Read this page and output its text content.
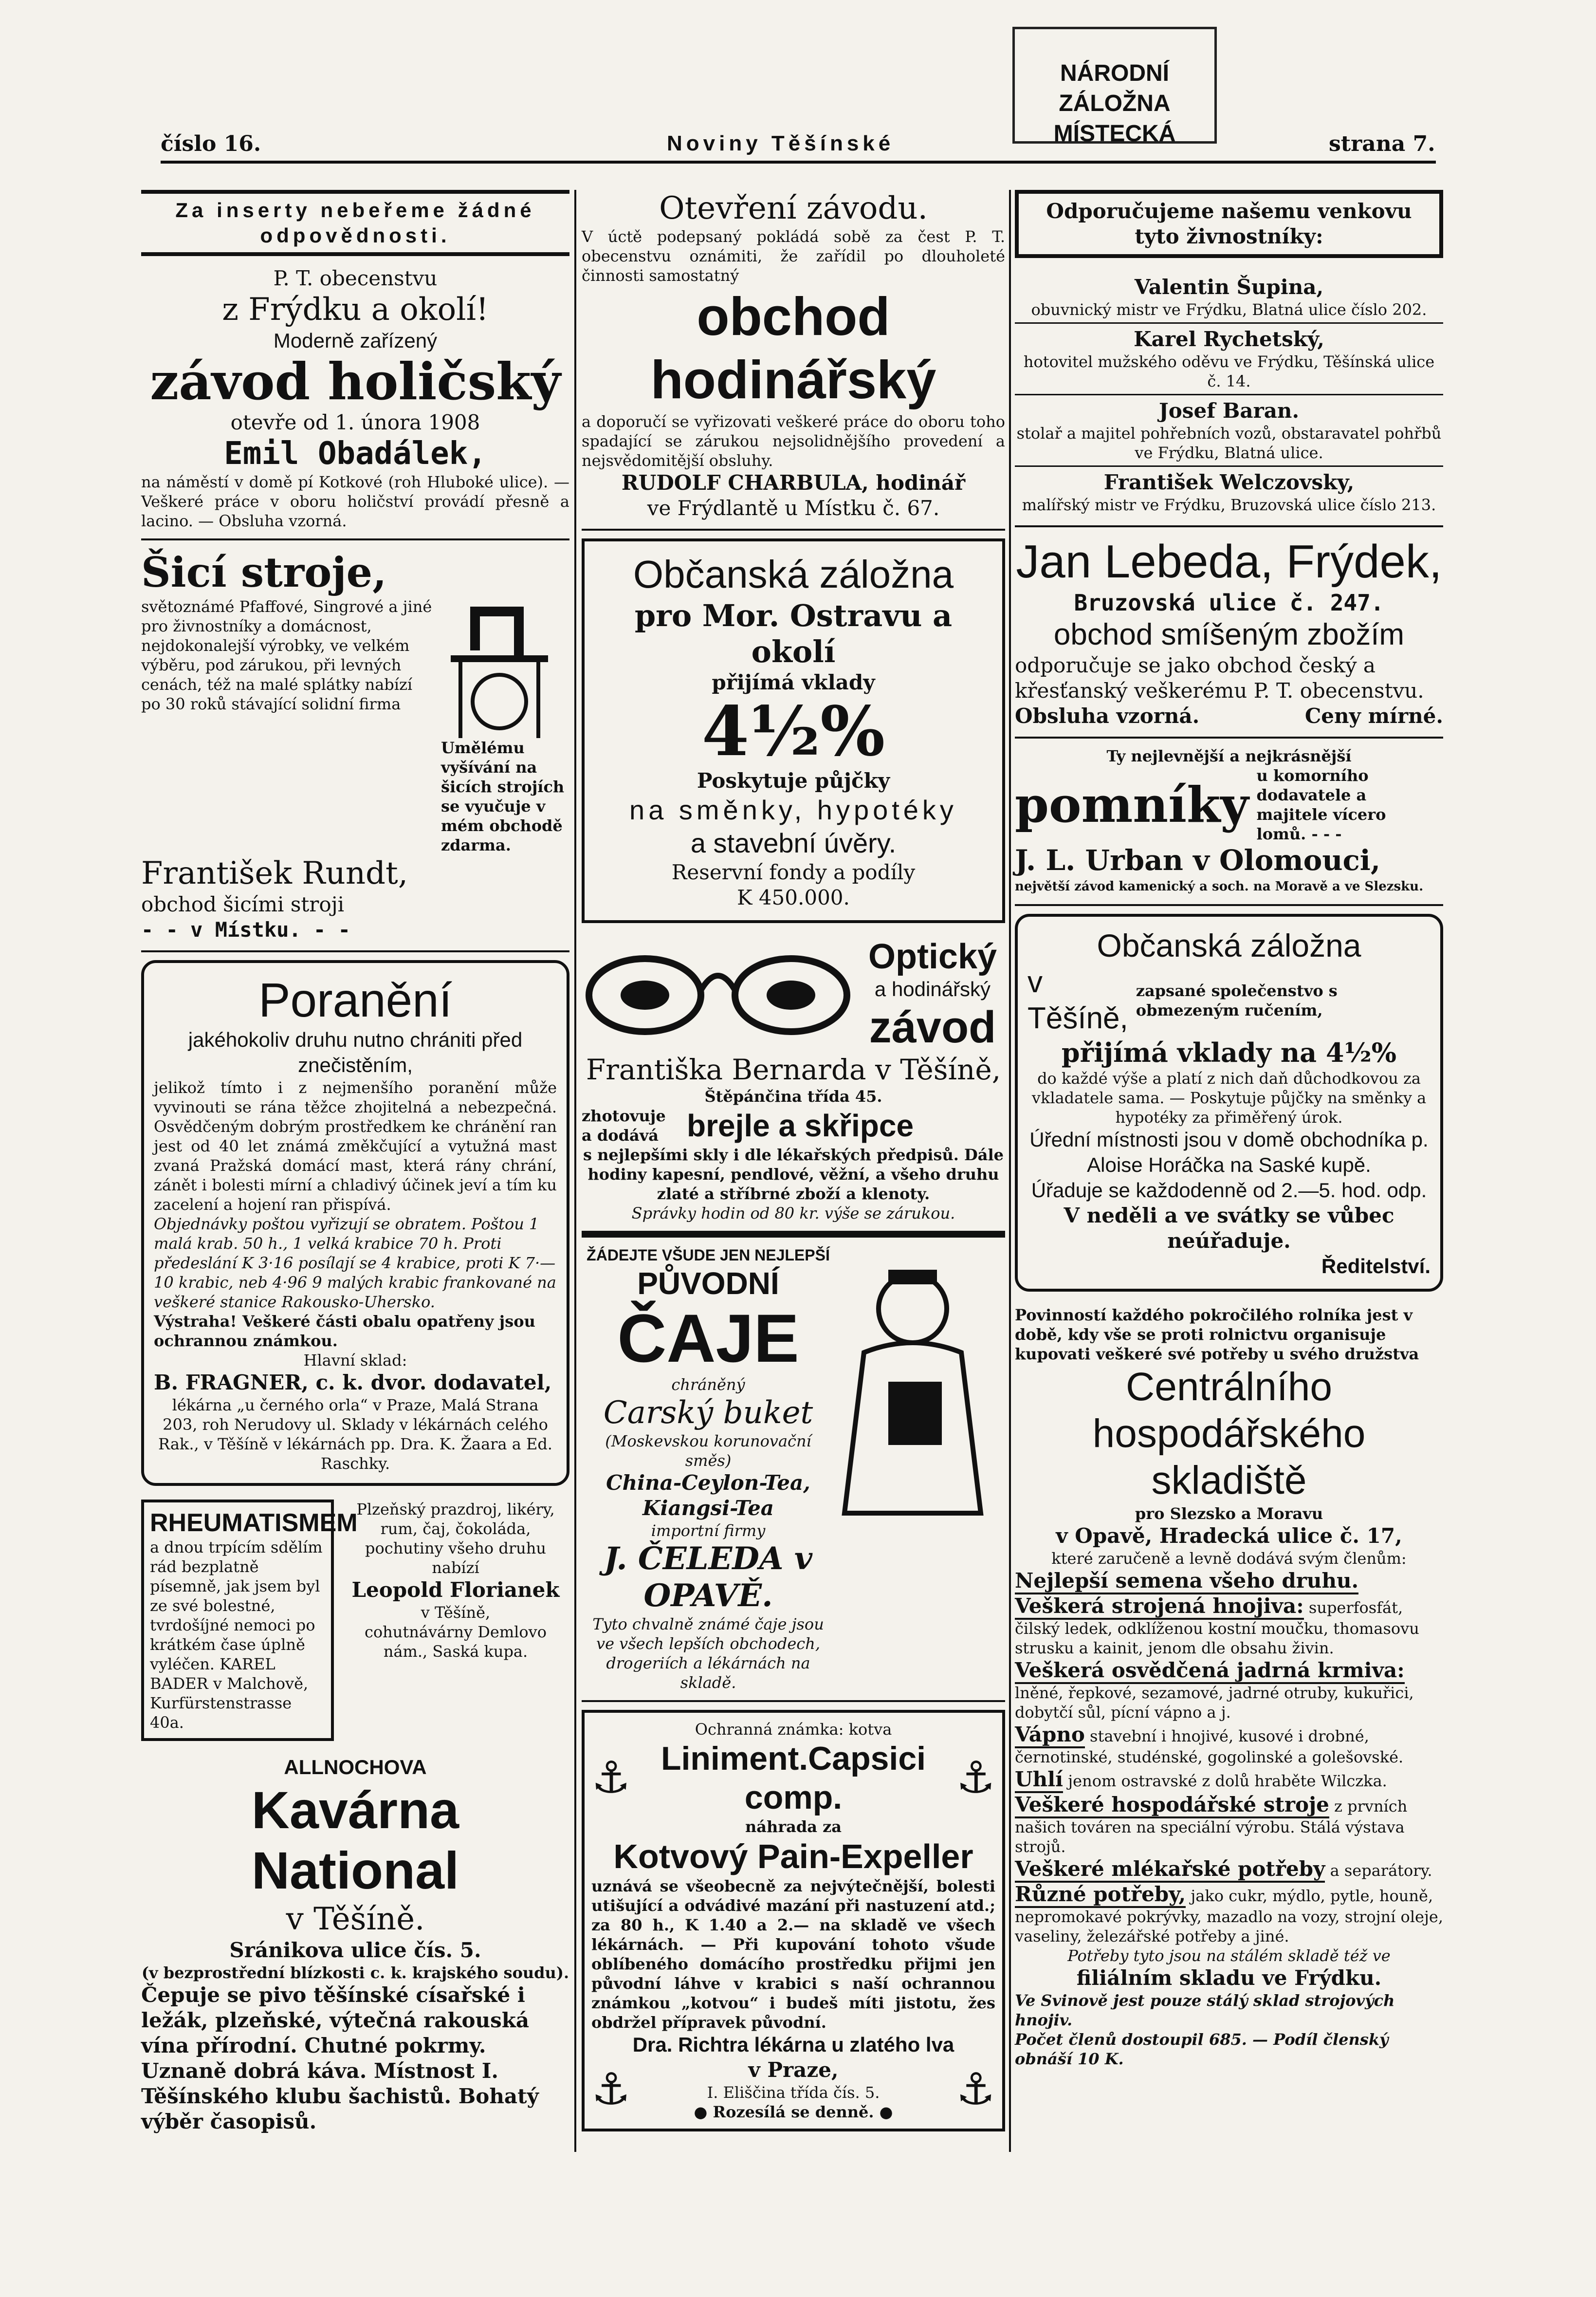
NÁRODNÍ ZÁLOŽNA
MÍSTECKÁ
číslo 16.	Noviny Těšínské	strana 7.
Za inserty nebeřeme žádné odpovědnosti.
P. T. obecenstvu
z Frýdku a okolí!
Moderně zařízený
závod holičský
otevře od 1. února 1908
Emil Obadálek,
na náměstí v domě pí Kotkové (roh Hluboké ulice). — Veškeré práce v oboru holičství provádí přesně a lacino. — Obsluha vzorná.
Šicí stroje,
světoznámé Pfaffové, Singrové a jiné pro živnostníky a domácnost, nejdokonalejší výrobky, ve velkém výběru, pod zárukou, při levných cenách, též na malé splátky nabízí po 30 roků stávající solidní firma
Umělému vyšívání na šicích strojích se vyučuje v mém obchodě zdarma.
František Rundt,
obchod šicími stroji
- - v Místku. - -
Poranění
jakéhokoliv druhu nutno chrániti před znečistěním,
jelikož tímto i z nejmenšího poranění může vyvinouti se rána těžce zhojitelná a nebezpečná. Osvědčeným dobrým prostředkem ke chránění ran jest od 40 let známá změkčující a vytužná mast zvaná Pražská domácí mast, která rány chrání, zánět i bolesti mírní a chladivý účinek jeví a tím ku zacelení a hojení ran přispívá.
Objednávky poštou vyřizují se obratem. Poštou 1 malá krab. 50 h., 1 velká krabice 70 h. Proti předeslání K 3·16 posílají se 4 krabice, proti K 7·— 10 krabic, neb 4·96 9 malých krabic frankované na veškeré stanice Rakousko-Uhersko.
Výstraha! Veškeré části obalu opatřeny jsou ochrannou známkou.
Hlavní sklad:
B. FRAGNER, c. k. dvor. dodavatel,
lékárna „u černého orla“ v Praze, Malá Strana 203, roh Nerudovy ul. Sklady v lékárnách celého Rak., v Těšíně v lékárnách pp. Dra. K. Žaara a Ed. Raschky.
RHEUMATISMEM
a dnou trpícím sdělím rád bezplatně písemně, jak jsem byl ze své bolestné, tvrdošíjné nemoci po krátkém čase úplně vyléčen. KAREL BADER v Malchově, Kurfürstenstrasse 40a.
Plzeňský prazdroj, likéry, rum, čaj, čokoláda, pochutiny všeho druhu nabízí
Leopold Florianek
v Těšíně,
cohutnávárny Demlovo nám., Saská kupa.
ALLNOCHOVA
Kavárna National
v Těšíně.
Sránikova ulice čís. 5.
(v bezprostřední blízkosti c. k. krajského soudu).
Čepuje se pivo těšínské císařské i ležák, plzeňské, výtečná rakouská vína přírodní. Chutné pokrmy. Uznaně dobrá káva. Místnost I. Těšínského klubu šachistů. Bohatý výběr časopisů.
Otevření závodu.
V úctě podepsaný pokládá sobě za čest P. T. obecenstvu oznámiti, že zařídil po dlouholeté činnosti samostatný
obchod hodinářský
a doporučí se vyřizovati veškeré práce do oboru toho spadající se zárukou nejsolidnějšího provedení a nejsvědomitější obsluhy.
RUDOLF CHARBULA, hodinář
ve Frýdlantě u Místku č. 67.
Občanská záložna
pro Mor. Ostravu a okolí
přijímá vklady
4½%
Poskytuje půjčky
na směnky, hypotéky
a stavební úvěry.
Reservní fondy a podíly
K 450.000.
Optický
a hodinářský
závod
Františka Bernarda v Těšíně,
Štěpánčina třída 45.
zhotovuje a dodává brejle a skřipce
s nejlepšími skly i dle lékařských předpisů. Dále hodiny kapesní, pendlové, věžní, a všeho druhu zlaté a stříbrné zboží a klenoty.
Správky hodin od 80 kr. výše se zárukou.
ŽÁDEJTE VŠUDE JEN NEJLEPŠÍ
PŮVODNÍ
ČAJE
chráněný
Carský buket
(Moskevskou korunovační směs)
China-Ceylon-Tea, Kiangsi-Tea
importní firmy
J. ČELEDA v OPAVĚ.
Tyto chvalně známé čaje jsou ve všech lepších obchodech, drogeriích a lékárnách na skladě.
⚓
Ochranná známka: kotva
Liniment.Capsici comp.
náhrada za
⚓
Kotvový Pain-Expeller
uznává se všeobecně za nejvýtečnější, bolesti utišující a odvádivé mazání při nastuzení atd.; za 80 h., K 1.40 a 2.— na skladě ve všech lékárnách. — Při kupování tohoto všude oblíbeného domácího prostředku přijmi jen původní láhve v krabici s naší ochrannou známkou „kotvou“ i budeš míti jistotu, žes obdržel přípravek původní.
Dra. Richtra lékárna u zlatého lva
⚓	v Praze,
I. Eliščina třída čís. 5.
● Rozesílá se denně. ● ⚓
Odporučujeme našemu venkovu tyto živnostníky:
Valentin Šupina,
obuvnický mistr ve Frýdku, Blatná ulice číslo 202.
Karel Rychetský,
hotovitel mužského oděvu ve Frýdku, Těšínská ulice č. 14.
Josef Baran.
stolař a majitel pohřebních vozů, obstaravatel pohřbů ve Frýdku, Blatná ulice.
František Welczovsky,
malířský mistr ve Frýdku, Bruzovská ulice číslo 213.
Jan Lebeda, Frýdek,
Bruzovská ulice č. 247.
obchod smíšeným zbožím
odporučuje se jako obchod český a křesťanský veškerému P. T. obecenstvu.
Obsluha vzorná.	Ceny mírné.
Ty nejlevnější a nejkrásnější
pomníky
u komorního dodavatele a majitele vícero lomů. - - -
J. L. Urban v Olomouci,
největší závod kamenický a soch. na Moravě a ve Slezsku.
Občanská záložna
v Těšíně,
zapsané společenstvo s obmezeným ručením,
přijímá vklady na 4½%
do každé výše a platí z nich daň důchodkovou za vkladatele sama. — Poskytuje půjčky na směnky a hypotéky za přiměřený úrok.
Úřední místnosti jsou v domě obchodníka p. Aloise Horáčka na Saské kupě.
Úřaduje se každodenně od 2.—5. hod. odp.
V neděli a ve svátky se vůbec neúřaduje.
Ředitelství.
Povinností každého pokročilého rolníka jest v době, kdy vše se proti rolnictvu organisuje kupovati veškeré své potřeby u svého družstva
Centrálního hospodářského skladiště
pro Slezsko a Moravu
v Opavě, Hradecká ulice č. 17,
které zaručeně a levně dodává svým členům:
Nejlepší semena všeho druhu.
Veškerá strojená hnojiva: superfosfát, čilský ledek, odklíženou kostní moučku, thomasovu strusku a kainit, jenom dle obsahu živin.
Veškerá osvědčená jadrná krmiva: lněné, řepkové, sezamové, jadrné otruby, kukuřici, dobytčí sůl, pícní vápno a j.
Vápno stavební i hnojivé, kusové i drobné, černotinské, studénské, gogolinské a golešovské.
Uhlí jenom ostravské z dolů hraběte Wilczka.
Veškeré hospodářské stroje z prvních našich továren na speciální výrobu. Stálá výstava strojů.
Veškeré mlékařské potřeby a separátory.
Různé potřeby, jako cukr, mýdlo, pytle, houně, nepromokavé pokrývky, mazadlo na vozy, strojní oleje, vaseliny, železářské potřeby a jiné.
Potřeby tyto jsou na stálém skladě též ve
filiálním skladu ve Frýdku.
Ve Svinově jest pouze stálý sklad strojových hnojiv.
Počet členů dostoupil 685. — Podíl členský obnáší 10 K.
